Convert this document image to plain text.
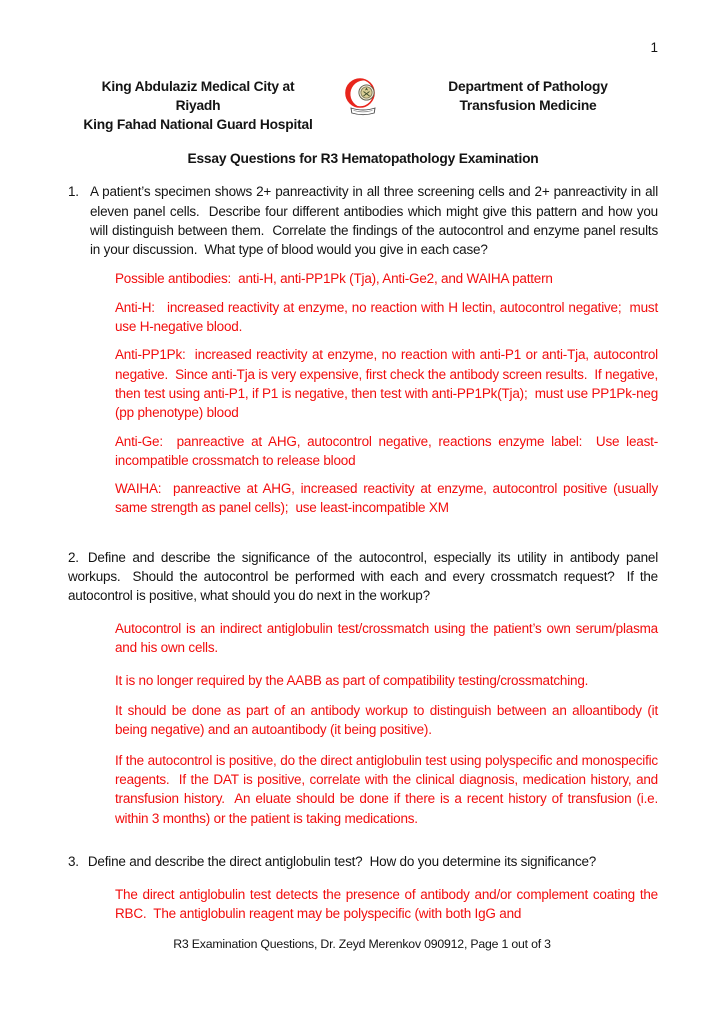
1
King Abdulaziz Medical City at
Riyadh
King Fahad National Guard Hospital
Department of Pathology
Transfusion Medicine
Essay Questions for R3 Hematopathology Examination
1. A patient’s specimen shows 2+ panreactivity in all three screening cells and 2+ panreactivity in all eleven panel cells.  Describe four different antibodies which might give this pattern and how you will distinguish between them.  Correlate the findings of the autocontrol and enzyme panel results in your discussion.  What type of blood would you give in each case?

Possible antibodies:  anti-H, anti-PP1Pk (Tja), Anti-Ge2, and WAIHA pattern

Anti-H:   increased reactivity at enzyme, no reaction with H lectin, autocontrol negative;  must use H-negative blood.

Anti-PP1Pk:  increased reactivity at enzyme, no reaction with anti-P1 or anti-Tja, autocontrol negative.  Since anti-Tja is very expensive, first check the antibody screen results.  If negative, then test using anti-P1, if P1 is negative, then test with anti-PP1Pk(Tja);  must use PP1Pk-neg (pp phenotype) blood

Anti-Ge:  panreactive at AHG, autocontrol negative, reactions enzyme label:  Use least-incompatible crossmatch to release blood

WAIHA:  panreactive at AHG, increased reactivity at enzyme, autocontrol positive (usually same strength as panel cells);  use least-incompatible XM

2. Define and describe the significance of the autocontrol, especially its utility in antibody panel workups.  Should the autocontrol be performed with each and every crossmatch request?  If the autocontrol is positive, what should you do next in the workup?

Autocontrol is an indirect antiglobulin test/crossmatch using the patient’s own serum/plasma and his own cells.

It is no longer required by the AABB as part of compatibility testing/crossmatching.

It should be done as part of an antibody workup to distinguish between an alloantibody (it being negative) and an autoantibody (it being positive).

If the autocontrol is positive, do the direct antiglobulin test using polyspecific and monospecific reagents.  If the DAT is positive, correlate with the clinical diagnosis, medication history, and transfusion history.  An eluate should be done if there is a recent history of transfusion (i.e. within 3 months) or the patient is taking medications.

3. Define and describe the direct antiglobulin test?  How do you determine its significance?

The direct antiglobulin test detects the presence of antibody and/or complement coating the RBC.  The antiglobulin reagent may be polyspecific (with both IgG and

R3 Examination Questions, Dr. Zeyd Merenkov 090912, Page 1 out of 3
